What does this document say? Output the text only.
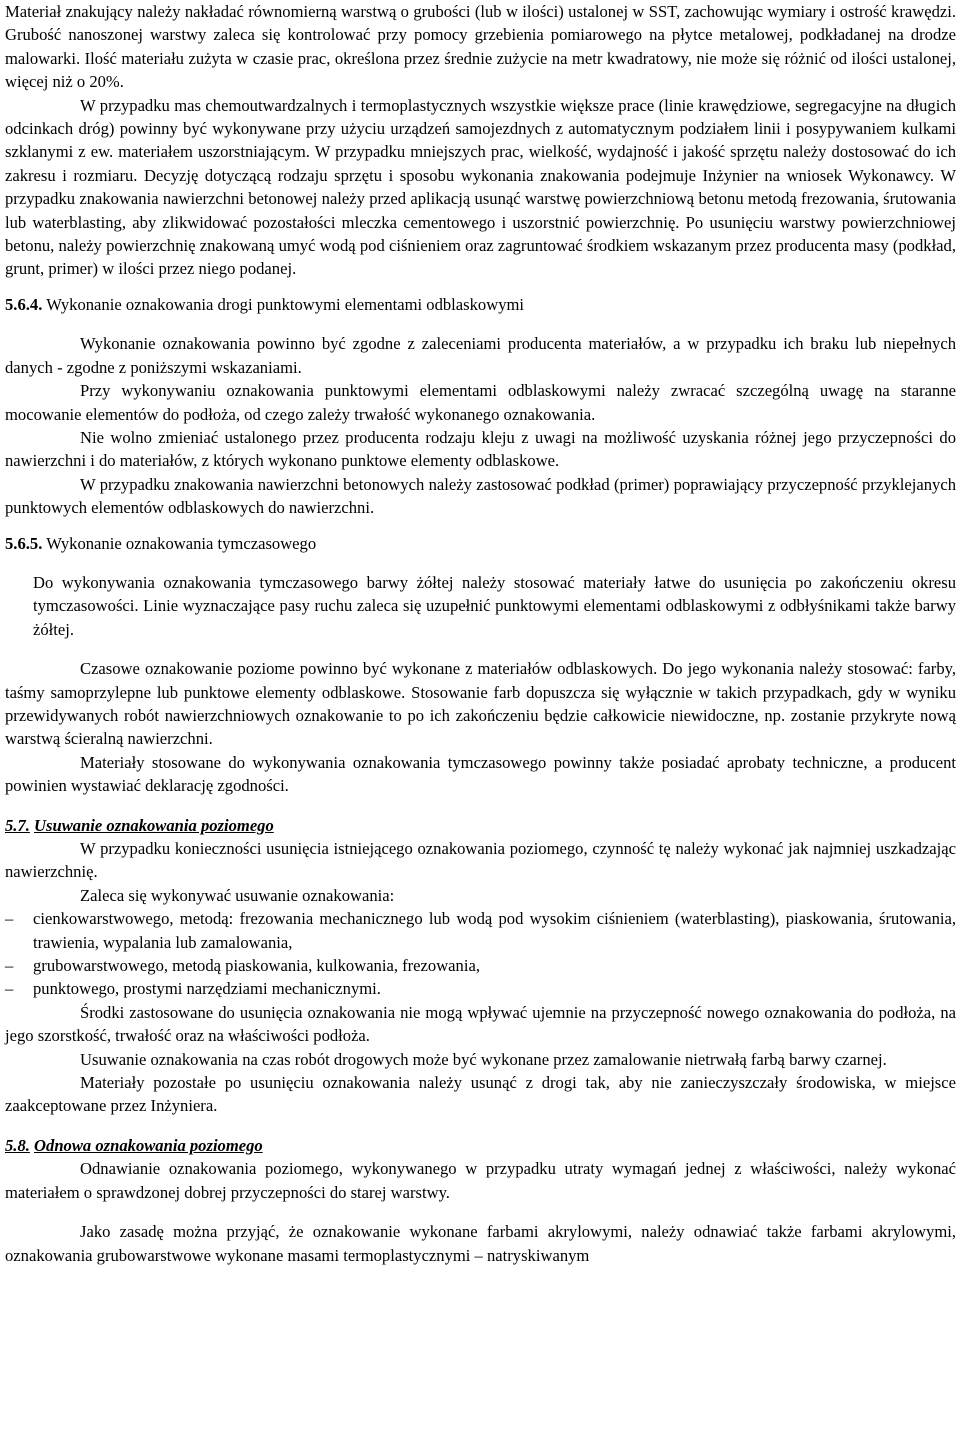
Materiał znakujący należy nakładać równomierną warstwą o grubości (lub w ilości) ustalonej w SST, zachowując wymiary i ostrość krawędzi. Grubość nanoszonej warstwy zaleca się kontrolować przy pomocy grzebienia pomiarowego na płytce metalowej, podkładanej na drodze malowarki. Ilość materiału zużyta w czasie prac, określona przez średnie zużycie na metr kwadratowy, nie może się różnić od ilości ustalonej, więcej niż o 20%.

W przypadku mas chemoutwardzalnych i termoplastycznych wszystkie większe prace (linie krawędziowe, segregacyjne na długich odcinkach dróg) powinny być wykonywane przy użyciu urządzeń samojezdnych z automatycznym podziałem linii i posypywaniem kulkami szklanymi z ew. materiałem uszorstniającym. W przypadku mniejszych prac, wielkość, wydajność i jakość sprzętu należy dostosować do ich zakresu i rozmiaru. Decyzję dotyczącą rodzaju sprzętu i sposobu wykonania znakowania podejmuje Inżynier na wniosek Wykonawcy. W przypadku znakowania nawierzchni betonowej należy przed aplikacją usunąć warstwę powierzchniową betonu metodą frezowania, śrutowania lub waterblasting, aby zlikwidować pozostałości mleczka cementowego i uszorstnić powierzchnię. Po usunięciu warstwy powierzchniowej betonu, należy powierzchnię znakowaną umyć wodą pod ciśnieniem oraz zagruntować środkiem wskazanym przez producenta masy (podkład, grunt, primer) w ilości przez niego podanej.

5.6.4. Wykonanie oznakowania drogi punktowymi elementami odblaskowymi

Wykonanie oznakowania powinno być zgodne z zaleceniami producenta materiałów, a w przypadku ich braku lub niepełnych danych - zgodne z poniższymi wskazaniami.

Przy wykonywaniu oznakowania punktowymi elementami odblaskowymi należy zwracać szczególną uwagę na staranne mocowanie elementów do podłoża, od czego zależy trwałość wykonanego oznakowania.

Nie wolno zmieniać ustalonego przez producenta rodzaju kleju z uwagi na możliwość uzyskania różnej jego przyczepności do nawierzchni i do materiałów, z których wykonano punktowe elementy odblaskowe.

W przypadku znakowania nawierzchni betonowych należy zastosować podkład (primer) poprawiający przyczepność przyklejanych punktowych elementów odblaskowych do nawierzchni.

5.6.5. Wykonanie oznakowania tymczasowego

Do wykonywania oznakowania tymczasowego barwy żółtej należy stosować materiały łatwe do usunięcia po zakończeniu okresu tymczasowości. Linie wyznaczające pasy ruchu zaleca się uzupełnić punktowymi elementami odblaskowymi z odbłyśnikami także barwy żółtej.

Czasowe oznakowanie poziome powinno być wykonane z materiałów odblaskowych. Do jego wykonania należy stosować: farby, taśmy samoprzylepne lub punktowe elementy odblaskowe. Stosowanie farb dopuszcza się wyłącznie w takich przypadkach, gdy w wyniku przewidywanych robót nawierzchniowych oznakowanie to po ich zakończeniu będzie całkowicie niewidoczne, np. zostanie przykryte nową warstwą ścieralną nawierzchni.

Materiały stosowane do wykonywania oznakowania tymczasowego powinny także posiadać aprobaty techniczne, a producent powinien wystawiać deklarację zgodności.

5.7. Usuwanie oznakowania poziomego

W przypadku konieczności usunięcia istniejącego oznakowania poziomego, czynność tę należy wykonać jak najmniej uszkadzając nawierzchnię.

Zaleca się wykonywać usuwanie oznakowania:

– cienkowarstwowego, metodą: frezowania mechanicznego lub wodą pod wysokim ciśnieniem (waterblasting), piaskowania, śrutowania, trawienia, wypalania lub zamalowania,
– grubowarstwowego, metodą piaskowania, kulkowania, frezowania,
– punktowego, prostymi narzędziami mechanicznymi.

Środki zastosowane do usunięcia oznakowania nie mogą wpływać ujemnie na przyczepność nowego oznakowania do podłoża, na jego szorstkość, trwałość oraz na właściwości podłoża.

Usuwanie oznakowania na czas robót drogowych może być wykonane przez zamalowanie nietrwałą farbą barwy czarnej.

Materiały pozostałe po usunięciu oznakowania należy usunąć z drogi tak, aby nie zanieczyszczały środowiska, w miejsce zaakceptowane przez Inżyniera.

5.8. Odnowa oznakowania poziomego

Odnawianie oznakowania poziomego, wykonywanego w przypadku utraty wymagań jednej z właściwości, należy wykonać materiałem o sprawdzonej dobrej przyczepności do starej warstwy.

Jako zasadę można przyjąć, że oznakowanie wykonane farbami akrylowymi, należy odnawiać także farbami akrylowymi, oznakowania grubowarstwowe wykonane masami termoplastycznymi – natryskiwanym
